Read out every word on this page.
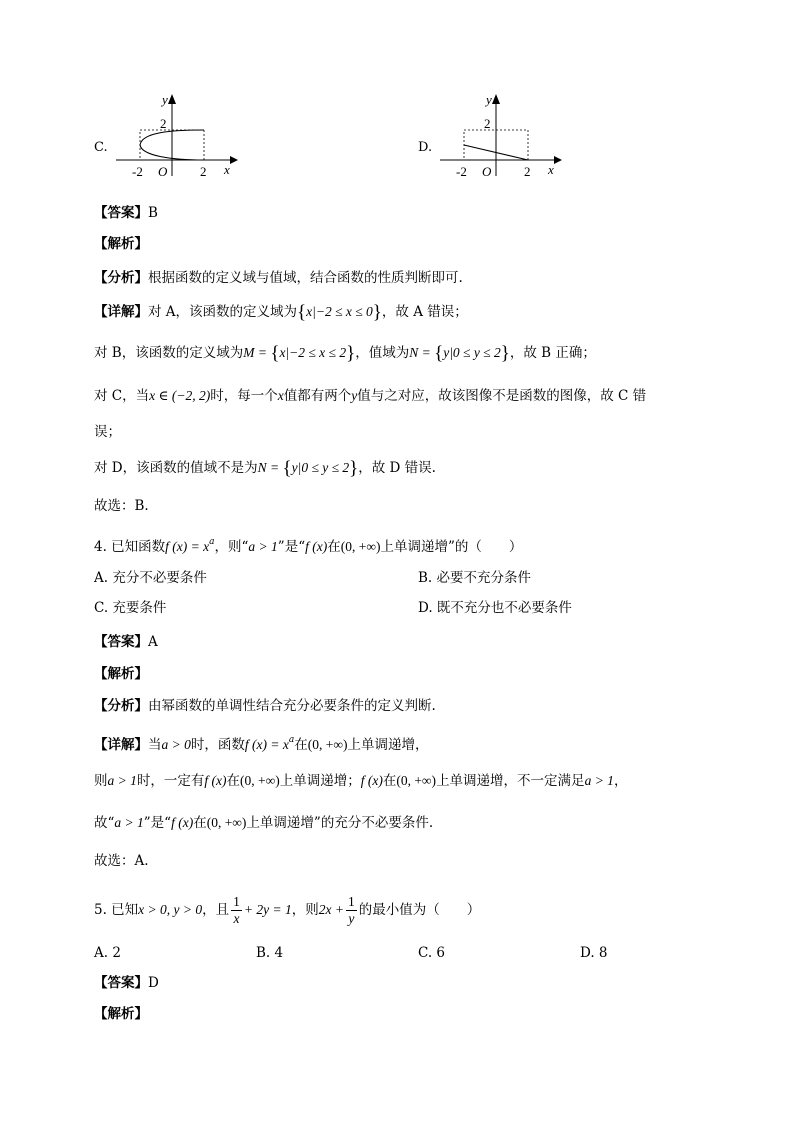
C.
y
x
2
O
-2	2
D.
y
x
2
O
-2	2
【答案】B
【解析】
【分析】根据函数的定义域与值域，结合函数的性质判断即可.
【详解】对 A，该函数的定义域为{x|−2 ≤ x ≤ 0}，故 A 错误；
对 B，该函数的定义域为M = {x|−2 ≤ x ≤ 2}，值域为N = {y|0 ≤ y ≤ 2}，故 B 正确；
对 C，当x ∈ (−2, 2)时，每一个x值都有两个y值与之对应，故该图像不是函数的图像，故 C 错
误；
对 D，该函数的值域不是为N = {y|0 ≤ y ≤ 2}，故 D 错误.
故选：B.
4. 已知函数f $(x) = x^a$，则“a > 1”是“f (x)在(0, +∞)上单调递增”的（　　）
A. 充分不必要条件	B. 必要不充分条件
C. 充要条件	D. 既不充分也不必要条件
【答案】A
【解析】
【分析】由幂函数的单调性结合充分必要条件的定义判断.
【详解】当a > 0时，函数f $(x) = x^a$在(0, +∞)上单调递增，
则a > 1时，一定有f (x)在(0, +∞)上单调递增；f (x)在(0, +∞)上单调递增，不一定满足a > 1，
故“a > 1”是“f (x)在(0, +∞)上单调递增”的充分不必要条件.
故选：A.
5. 已知x > 0, y > 0，且 $\frac{1}{x} + 2y = 1$，则$2x + \frac{1}{y}$ 的最小值为（　　）
A. 2	B. 4	C. 6	D. 8
【答案】D
【解析】
